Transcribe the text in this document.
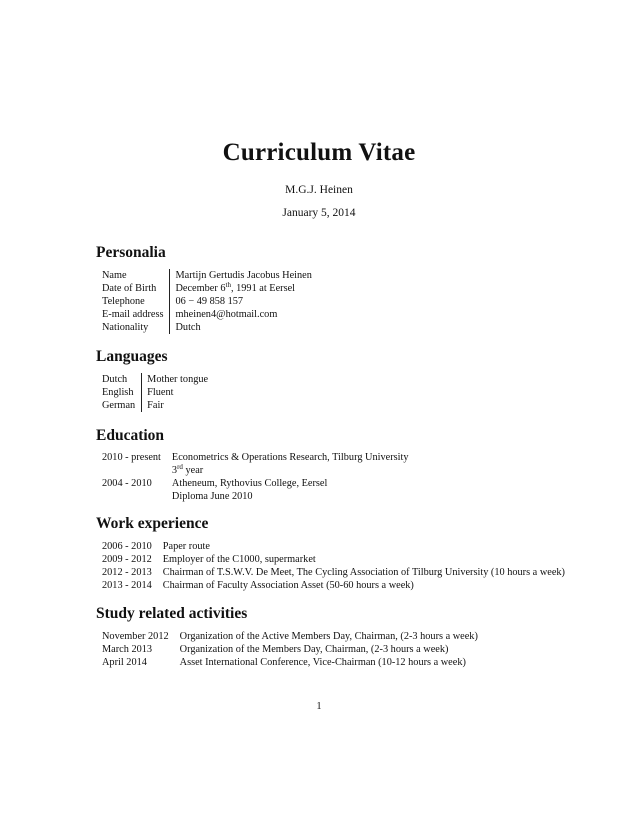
Curriculum Vitae
M.G.J. Heinen
January 5, 2014
Personalia
Name	Martijn Gertudis Jacobus Heinen
Date of Birth	December 6th, 1991 at Eersel
Telephone	06 − 49 858 157
E-mail address	mheinen4@hotmail.com
Nationality	Dutch
Languages
Dutch	Mother tongue
English	Fluent
German	Fair
Education
2010 - present	Econometrics & Operations Research, Tilburg University
	3rd year
2004 - 2010	Atheneum, Rythovius College, Eersel
	Diploma June 2010
Work experience
2006 - 2010	Paper route
2009 - 2012	Employer of the C1000, supermarket
2012 - 2013	Chairman of T.S.W.V. De Meet, The Cycling Association of Tilburg University (10 hours a week)
2013 - 2014	Chairman of Faculty Association Asset (50-60 hours a week)
Study related activities
November 2012	Organization of the Active Members Day, Chairman, (2-3 hours a week)
March 2013	Organization of the Members Day, Chairman, (2-3 hours a week)
April 2014	Asset International Conference, Vice-Chairman (10-12 hours a week)
1
